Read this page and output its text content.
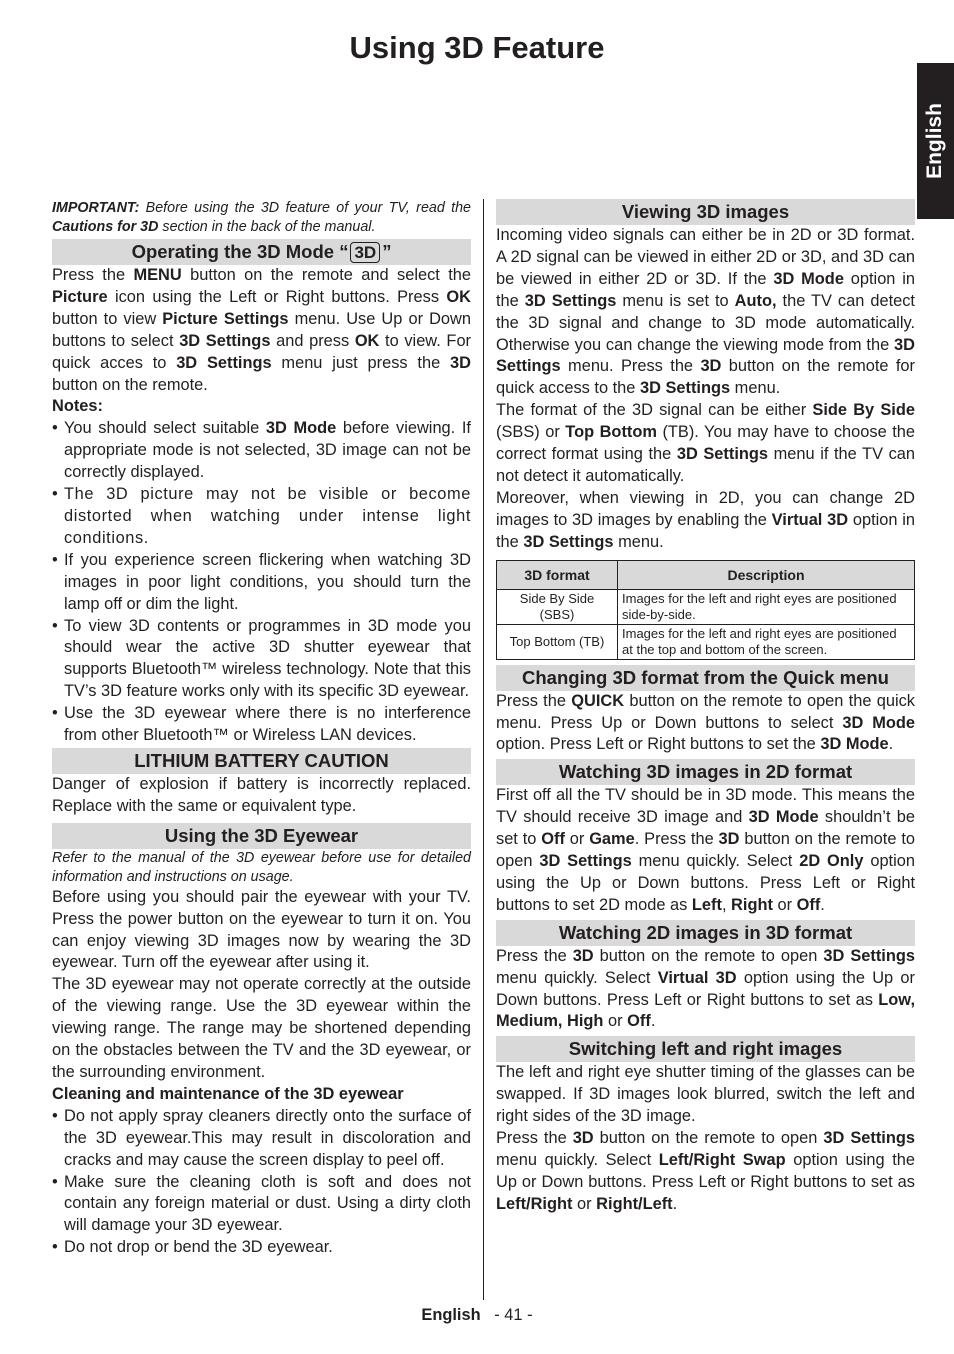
Using 3D Feature
English

IMPORTANT: Before using the 3D feature of your TV, read the Cautions for 3D section in the back of the manual.

Operating the 3D Mode “ 3D ”

Press the MENU button on the remote and select the Picture icon using the Left or Right buttons. Press OK button to view Picture Settings menu. Use Up or Down buttons to select 3D Settings and press OK to view. For quick acces to 3D Settings menu just press the 3D button on the remote.

Notes:

• You should select suitable 3D Mode before viewing. If appropriate mode is not selected, 3D image can not be correctly displayed.
• The 3D picture may not be visible or become distorted when watching under intense light conditions.
• If you experience screen flickering when watching 3D images in poor light conditions, you should turn the lamp off or dim the light.
• To view 3D contents or programmes in 3D mode you should wear the active 3D shutter eyewear that supports Bluetooth™ wireless technology. Note that this TV’s 3D feature works only with its specific 3D eyewear.
• Use the 3D eyewear where there is no interference from other Bluetooth™ or Wireless LAN devices.
LITHIUM BATTERY CAUTION

Danger of explosion if battery is incorrectly replaced. Replace with the same or equivalent type.

Using the 3D Eyewear

Refer to the manual of the 3D eyewear before use for detailed information and instructions on usage.

Before using you should pair the eyewear with your TV. Press the power button on the eyewear to turn it on. You can enjoy viewing 3D images now by wearing the 3D eyewear. Turn off the eyewear after using it.

The 3D eyewear may not operate correctly at the outside of the viewing range. Use the 3D eyewear within the viewing range. The range may be shortened depending on the obstacles between the TV and the 3D eyewear, or the surrounding environment.

Cleaning and maintenance of the 3D eyewear

• Do not apply spray cleaners directly onto the surface of the 3D eyewear.This may result in discoloration and cracks and may cause the screen display to peel off.
• Make sure the cleaning cloth is soft and does not contain any foreign material or dust. Using a dirty cloth will damage your 3D eyewear.
• Do not drop or bend the 3D eyewear.
Viewing 3D images

Incoming video signals can either be in 2D or 3D format. A 2D signal can be viewed in either 2D or 3D, and 3D can be viewed in either 2D or 3D. If the 3D Mode option in the 3D Settings menu is set to Auto, the TV can detect the 3D signal and change to 3D mode automatically. Otherwise you can change the viewing mode from the 3D Settings menu. Press the 3D button on the remote for quick access to the 3D Settings menu.

The format of the 3D signal can be either Side By Side (SBS) or Top Bottom (TB). You may have to choose the correct format using the 3D Settings menu if the TV can not detect it automatically.

Moreover, when viewing in 2D, you can change 2D images to 3D images by enabling the Virtual 3D option in the 3D Settings menu.

3D format	Description
Side By Side (SBS)	Images for the left and right eyes are positioned side-by-side.
Top Bottom (TB)	Images for the left and right eyes are positioned at the top and bottom of the screen.
Changing 3D format from the Quick menu

Press the QUICK button on the remote to open the quick menu. Press Up or Down buttons to select 3D Mode option. Press Left or Right buttons to set the 3D Mode.

Watching 3D images in 2D format

First off all the TV should be in 3D mode. This means the TV should receive 3D image and 3D Mode shouldn’t be set to Off or Game. Press the 3D button on the remote to open 3D Settings menu quickly. Select 2D Only option using the Up or Down buttons. Press Left or Right buttons to set 2D mode as Left, Right or Off.

Watching 2D images in 3D format

Press the 3D button on the remote to open 3D Settings menu quickly. Select Virtual 3D option using the Up or Down buttons. Press Left or Right buttons to set as Low, Medium, High or Off.

Switching left and right images

The left and right eye shutter timing of the glasses can be swapped. If 3D images look blurred, switch the left and right sides of the 3D image.

Press the 3D button on the remote to open 3D Settings menu quickly. Select Left/Right Swap option using the Up or Down buttons. Press Left or Right buttons to set as Left/Right or Right/Left.

English - 41 -
